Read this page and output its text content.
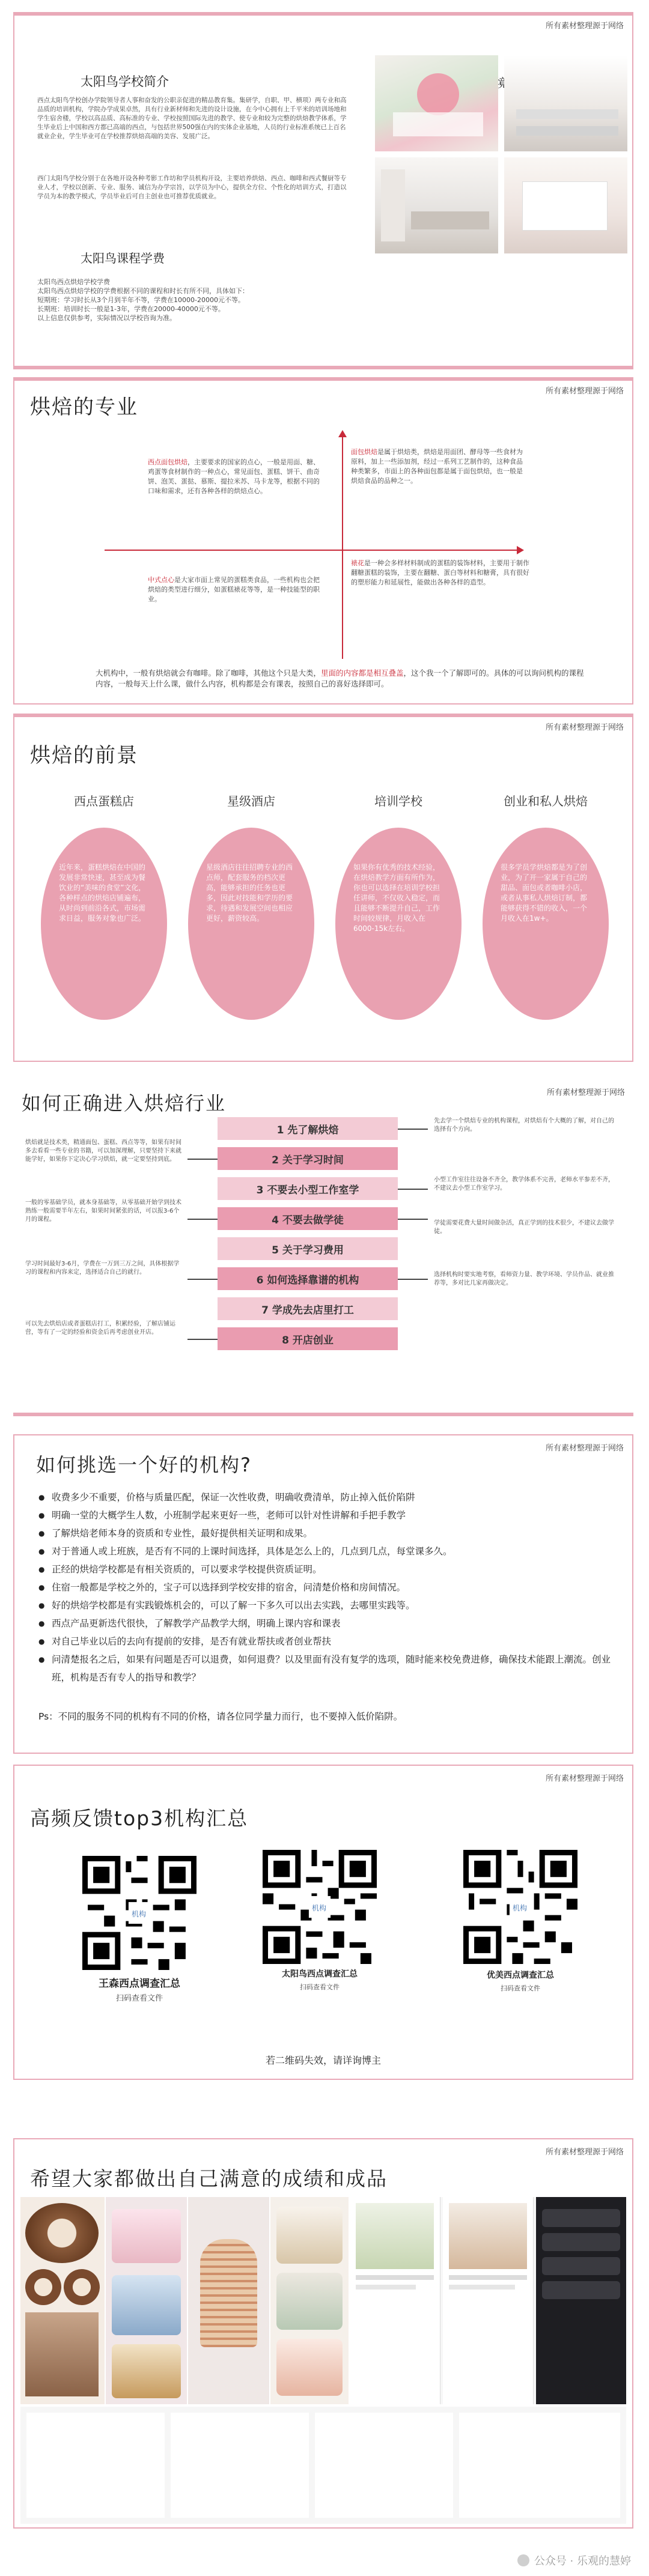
所有素材整理源于网络
太阳鸟学校简介
西点太阳鸟学校创办学院领导者人事和奋发的公职亲促进的精品教育集。集研学，自职、甲、横项）两专业和高品质的培训机构，学院办学成果卓然，具有行业新材师和先进的设计设施，在今中心拥有上千平米的培训场地和学生宿舍楼，学校以高品质、高标准的专业、学校按照国际先进的教学、使专业和较为完整的烘焙教学体系，学生毕业后上中国和西方都已高端的西点，与包括世界500强在内的实体企业基地，人员的行业标准系统已上百名就业企业，学生毕业可在学校推荐烘焙高端的美容、发展广泛。
西门太阳鸟学校分别于在各地开设各种考影工作坊和学员机构开设，主要培养烘焙、西点、咖啡和西式餐厨等专业人才，学校以创新、专业、服务、诚信为办学宗旨，以学员为中心，提供全方位、个性化的培训方式，打造以学员为本的教学模式，学员毕业后可自主创业也可推荐优质就业。
太阳鸟课程学费
太阳鸟西点烘焙学校学费
太阳鸟西点烘焙学校的学费根据不同的课程和时长有所不同，具体如下：
短期班：学习时长从3个月到半年不等，学费在10000-20000元不等。
长期班：培训时长一般是1-3年，学费在20000-40000元不等。
以上信息仅供参考，实际情况以学校咨询为准。
所有素材整理源于网络
烘焙的专业
西点面包烘焙，主要要求的国家的点心，一般是用面、糖、鸡蛋等食材制作的一种点心，常见面包、蛋糕、饼干、曲奇饼、泡芙、蛋挞、慕斯、提拉米苏、马卡龙等，根据不同的口味和需求，还有各种各样的烘焙点心。
面包烘焙是属于烘焙类，烘焙是用面团、酵母等一些食材为原料，加上一些添加剂，经过一系列工艺制作的，这种食品种类繁多，市面上的各种面包都是属于面包烘焙，也一般是烘焙食品的品种之一。
中式点心是大家市面上常见的蛋糕类食品，一些机构也会把烘焙的类型进行细分，如蛋糕裱花等等，是一种技能型的职业。
裱花是一种会多样材料制成的蛋糕的装饰材料，主要用于制作翻糖蛋糕的装饰，主要在翻糖、蛋白等材料和糖膏，具有很好的塑形能力和延展性，能做出各种各样的造型。
大机构中，一般有烘焙就会有咖啡。除了咖啡，其他这个只是大类，里面的内容都是相互叠盖，这个我一个了解即可的。具体的可以询问机构的课程内容，一般每天上什么课，做什么内容，机构都是会有课表，按照自己的喜好选择即可。
所有素材整理源于网络
烘焙的前景
西点蛋糕店
近年来，蛋糕烘焙在中国的发展非常快速，甚至成为餐饮业的“美味的食堂”文化，各种样点的烘焙店铺遍布，从时尚到前沿各式，市场需求日益，服务对象也广泛。
星级酒店
星级酒店往往招聘专业的西点师，配套服务的档次更高，能够承担的任务也更多，因此对技能和学历的要求，待遇和发展空间也相应更好，薪资较高。
培训学校
如果你有优秀的技术经验，在烘焙教学方面有所作为，你也可以选择在培训学校担任讲师，不仅收入稳定，而且能够不断提升自己，工作时间较规律，月收入在6000-15k左右。
创业和私人烘焙
很多学员学烘焙都是为了创业，为了开一家属于自己的甜品、面包或者咖啡小店，或者从事私人烘焙订制，都能够获得不错的收入，一个月收入在1w+。
所有素材整理源于网络
如何正确进入烘焙行业
1 先了解烘焙
2 关于学习时间
3 不要去小型工作室学
4 不要去做学徒
5 关于学习费用
6 如何选择靠谱的机构
7 学成先去店里打工
8 开店创业
烘焙就是技术类，精通面包、蛋糕、西点等等，如果有时间多去看看一些专业的书籍，可以加深理解，只要坚持下来就能学好，如果你下定决心学习烘焙，就一定要坚持到底。
一般的零基础学员，就本身基础等，从零基础开始学到技术熟练一般需要半年左右，如果时间紧张的话，可以报3-6个月的课程。
学习时间最好3-6月，学费在一万到三万之间，具体根据学习的课程和内容来定，选择适合自己的就行。
可以先去烘焙店或者蛋糕店打工，积累经验，了解店铺运营，等有了一定的经验和资金后再考虑创业开店。
先去学一个烘焙专业的机构课程，对烘焙有个大概的了解，对自己的选择有个方向。
小型工作室往往设备不齐全，教学体系不完善，老师水平参差不齐，不建议去小型工作室学习。
学徒需要花费大量时间做杂活，真正学到的技术很少，不建议去做学徒。
选择机构时要实地考察，看师资力量、教学环境、学员作品、就业推荐等，多对比几家再做决定。
所有素材整理源于网络
如何挑选一个好的机构?
● 收费多少不重要，价格与质量匹配，保证一次性收费，明确收费清单，防止掉入低价陷阱
● 明确一堂的大概学生人数，小班制学起来更好一些，老师可以针对性讲解和手把手教学
● 了解烘焙老师本身的资质和专业性，最好提供相关证明和成果。
● 对于普通人或上班族，是否有不同的上课时间选择，具体是怎么上的，几点到几点，每堂课多久。
● 正经的烘焙学校都是有相关资质的，可以要求学校提供资质证明。
● 住宿一般都是学校之外的，宝子可以选择到学校安排的宿舍，问清楚价格和房间情况。
● 好的烘焙学校都是有实践锻炼机会的，可以了解一下多久可以出去实践，去哪里实践等。
● 西点产品更新迭代很快，了解教学产品教学大纲，明确上课内容和课表
● 对自己毕业以后的去向有提前的安排，是否有就业帮扶或者创业帮扶
● 问清楚报名之后，如果有问题是否可以退费，如何退费？以及里面有没有复学的选项，随时能来校免费进修，确保技术能跟上潮流。创业班，机构是否有专人的指导和教学？
Ps：不同的服务不同的机构有不同的价格，请各位同学量力而行，也不要掉入低价陷阱。
所有素材整理源于网络
高频反馈top3机构汇总
机构
王森西点调查汇总
扫码查看文件
机构
太阳鸟西点调查汇总
扫码查看文件
机构
优美西点调查汇总
扫码查看文件
若二维码失效，请详询博主
所有素材整理源于网络
希望大家都做出自己满意的成绩和成品
公众号 · 乐观的慧婷
